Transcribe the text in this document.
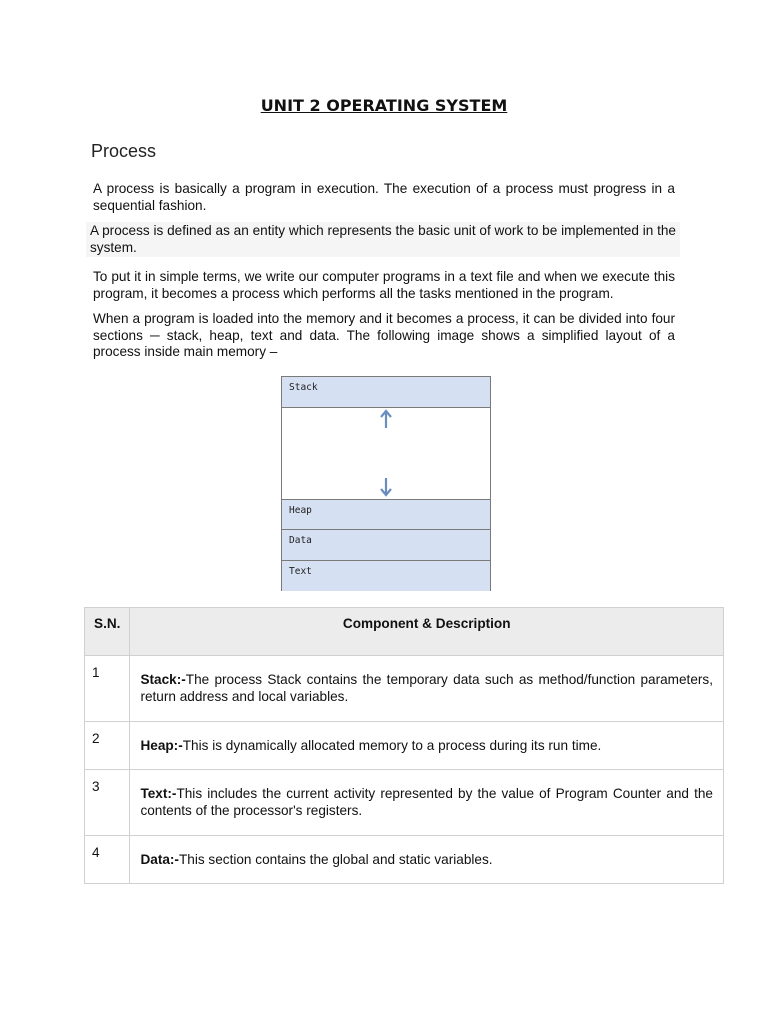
UNIT 2 OPERATING SYSTEM
Process

A process is basically a program in execution. The execution of a process must progress in a sequential fashion.

A process is defined as an entity which represents the basic unit of work to be implemented in the system.

To put it in simple terms, we write our computer programs in a text file and when we execute this program, it becomes a process which performs all the tasks mentioned in the program.

When a program is loaded into the memory and it becomes a process, it can be divided into four sections ─ stack, heap, text and data. The following image shows a simplified layout of a process inside main memory –

Stack
Heap
Data
Text
S.N.	Component & Description
1	Stack:-The process Stack contains the temporary data such as method/function parameters, return address and local variables.
2	Heap:-This is dynamically allocated memory to a process during its run time.
3	Text:-This includes the current activity represented by the value of Program Counter and the contents of the processor's registers.
4	Data:-This section contains the global and static variables.
